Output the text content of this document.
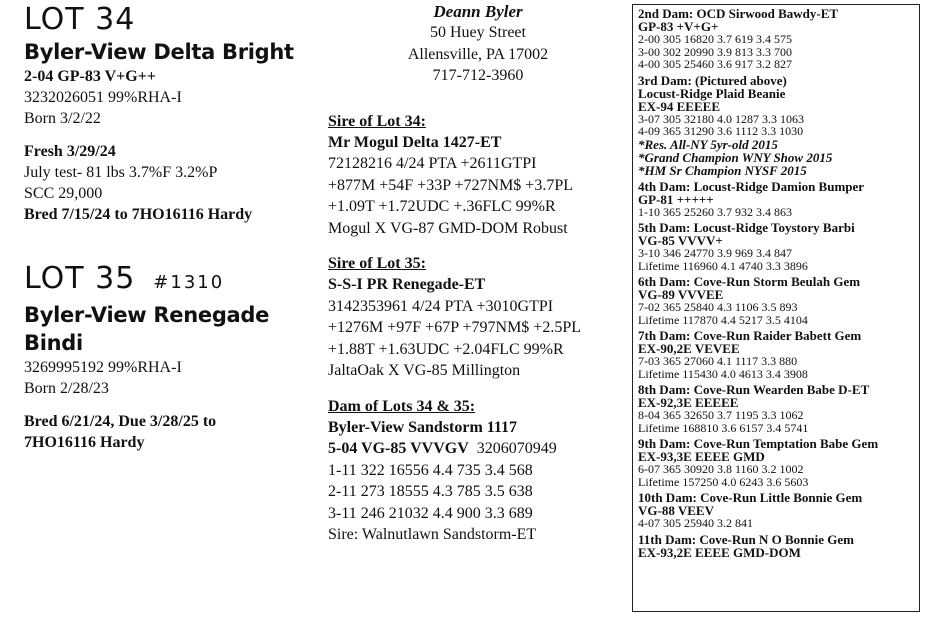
LOT 34
Byler-View Delta Bright
2-04 GP-83 V+G++
3232026051 99%RHA-I
Born 3/2/22
Fresh 3/29/24
July test- 81 lbs 3.7%F 3.2%P
SCC 29,000
Bred 7/15/24 to 7HO16116 Hardy
LOT 35 #1310
Byler-View Renegade Bindi
3269995192 99%RHA-I
Born 2/28/23
Bred 6/21/24, Due 3/28/25 to
7HO16116 Hardy
Deann Byler
50 Huey Street
Allensville, PA 17002
717-712-3960
Sire of Lot 34:
Mr Mogul Delta 1427-ET
72128216 4/24 PTA +2611GTPI
+877M +54F +33P +727NM$ +3.7PL
+1.09T +1.72UDC +.36FLC 99%R
Mogul X VG-87 GMD-DOM Robust
Sire of Lot 35:
S-S-I PR Renegade-ET
3142353961 4/24 PTA +3010GTPI
+1276M +97F +67P +797NM$ +2.5PL
+1.88T +1.63UDC +2.04FLC 99%R
JaltaOak X VG-85 Millington
Dam of Lots 34 & 35:
Byler-View Sandstorm 1117
5-04 VG-85 VVVGV 3206070949
1-11 322 16556 4.4 735 3.4 568
2-11 273 18555 4.3 785 3.5 638
3-11 246 21032 4.4 900 3.3 689
Sire: Walnutlawn Sandstorm-ET
2nd Dam: OCD Sirwood Bawdy-ET
GP-83 +V+G+
2-00 305 16820 3.7 619 3.4 575
3-00 302 20990 3.9 813 3.3 700
4-00 305 25460 3.6 917 3.2 827
3rd Dam: (Pictured above)
Locust-Ridge Plaid Beanie
EX-94 EEEEE
3-07 305 32180 4.0 1287 3.3 1063
4-09 365 31290 3.6 1112 3.3 1030
*Res. All-NY 5yr-old 2015
*Grand Champion WNY Show 2015
*HM Sr Champion NYSF 2015
4th Dam: Locust-Ridge Damion Bumper
GP-81 +++++
1-10 365 25260 3.7 932 3.4 863
5th Dam: Locust-Ridge Toystory Barbi
VG-85 VVVV+
3-10 346 24770 3.9 969 3.4 847
Lifetime 116960 4.1 4740 3.3 3896
6th Dam: Cove-Run Storm Beulah Gem
VG-89 VVVEE
7-02 365 25840 4.3 1106 3.5 893
Lifetime 117870 4.4 5217 3.5 4104
7th Dam: Cove-Run Raider Babett Gem
EX-90,2E VEVEE
7-03 365 27060 4.1 1117 3.3 880
Lifetime 115430 4.0 4613 3.4 3908
8th Dam: Cove-Run Wearden Babe D-ET
EX-92,3E EEEEE
8-04 365 32650 3.7 1195 3.3 1062
Lifetime 168810 3.6 6157 3.4 5741
9th Dam: Cove-Run Temptation Babe Gem
EX-93,3E EEEE GMD
6-07 365 30920 3.8 1160 3.2 1002
Lifetime 157250 4.0 6243 3.6 5603
10th Dam: Cove-Run Little Bonnie Gem
VG-88 VEEV
4-07 305 25940 3.2 841
11th Dam: Cove-Run N O Bonnie Gem
EX-93,2E EEEE GMD-DOM
